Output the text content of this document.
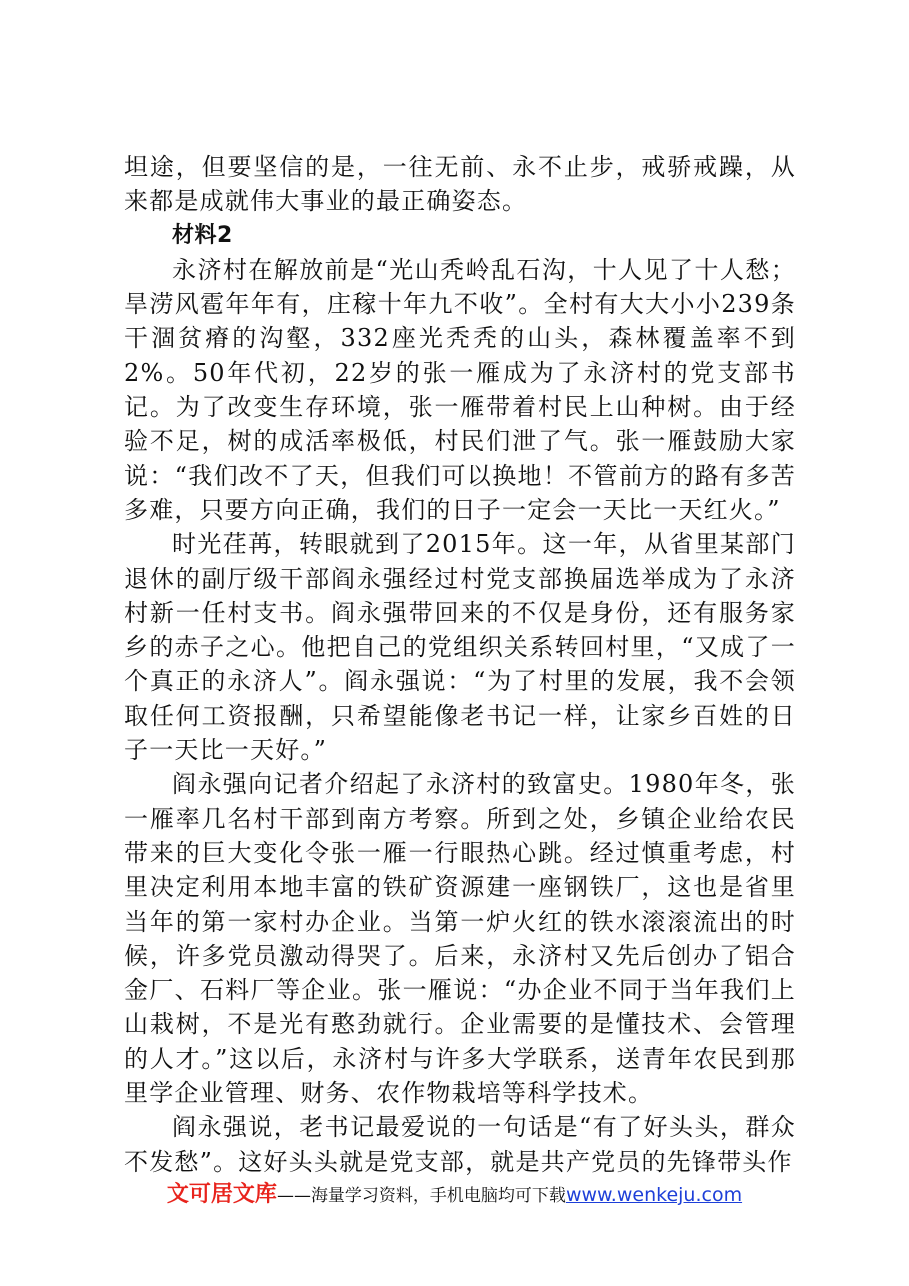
坦途，但要坚信的是，一往无前、永不止步，戒骄戒躁，从来都是成就伟大事业的最正确姿态。

材料2

永济村在解放前是“光山秃岭乱石沟，十人见了十人愁；旱涝风雹年年有，庄稼十年九不收”。全村有大大小小239条干涸贫瘠的沟壑，332座光秃秃的山头，森林覆盖率不到2%。50年代初，22岁的张一雁成为了永济村的党支部书记。为了改变生存环境，张一雁带着村民上山种树。由于经验不足，树的成活率极低，村民们泄了气。张一雁鼓励大家说：“我们改不了天，但我们可以换地！不管前方的路有多苦多难，只要方向正确，我们的日子一定会一天比一天红火。”

时光荏苒，转眼就到了2015年。这一年，从省里某部门退休的副厅级干部阎永强经过村党支部换届选举成为了永济村新一任村支书。阎永强带回来的不仅是身份，还有服务家乡的赤子之心。他把自己的党组织关系转回村里，“又成了一个真正的永济人”。阎永强说：“为了村里的发展，我不会领取任何工资报酬，只希望能像老书记一样，让家乡百姓的日子一天比一天好。”

阎永强向记者介绍起了永济村的致富史。1980年冬，张一雁率几名村干部到南方考察。所到之处，乡镇企业给农民带来的巨大变化令张一雁一行眼热心跳。经过慎重考虑，村里决定利用本地丰富的铁矿资源建一座钢铁厂，这也是省里当年的第一家村办企业。当第一炉火红的铁水滚滚流出的时候，许多党员激动得哭了。后来，永济村又先后创办了铝合金厂、石料厂等企业。张一雁说：“办企业不同于当年我们上山栽树，不是光有憨劲就行。企业需要的是懂技术、会管理的人才。”这以后，永济村与许多大学联系，送青年农民到那里学企业管理、财务、农作物栽培等科学技术。

阎永强说，老书记最爱说的一句话是“有了好头头，群众不发愁”。这好头头就是党支部，就是共产党员的先锋带头作

文可居文库——海量学习资料，手机电脑均可下载www.wenkeju.com
